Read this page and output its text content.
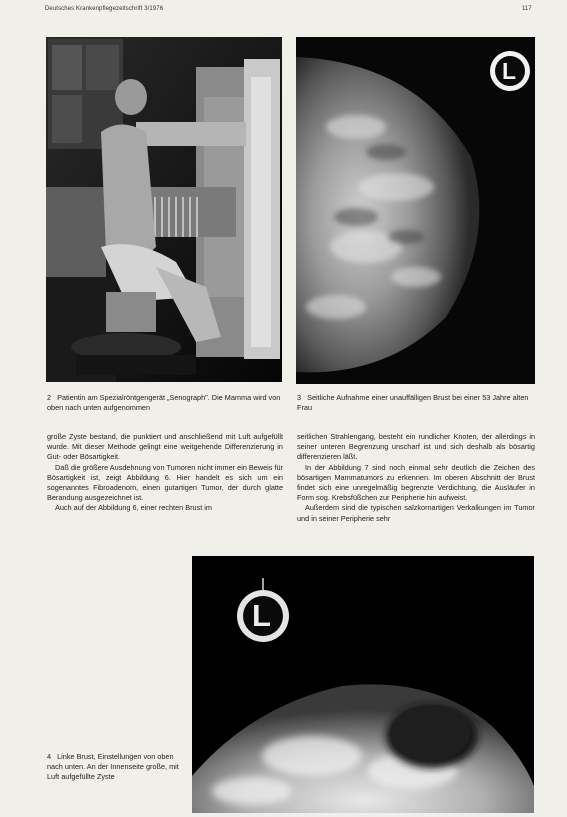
Deutsches Krankenpflegezeitschrift 3/1976	117
L
2 Patientin am Spezialröntgengerät „Senograph". Die Mamma wird von oben nach unten aufgenommen
3 Seitliche Aufnahme einer unauffälligen Brust bei einer 53 Jahre alten Frau

große Zyste bestand, die punktiert und anschließend mit Luft aufgefüllt wurde. Mit dieser Methode gelingt eine weitgehende Differenzierung in Gut- oder Bösartigkeit.

Daß die größere Ausdehnung von Tumoren nicht immer ein Beweis für Bösartigkeit ist, zeigt Abbildung 6. Hier handelt es sich um ein sogenanntes Fibroadenom, einen gutartigen Tumor, der durch glatte Berandung ausgezeichnet ist.

Auch auf der Abbildung 6, einer rechten Brust im

seitlichen Strahlengang, besteht ein rundlicher Knoten, der allerdings in seiner unteren Begrenzung unscharf ist und sich deshalb als bösartig differenzieren läßt.

In der Abbildung 7 sind noch einmal sehr deutlich die Zeichen des bösartigen Mammatumors zu erkennen. Im oberen Abschnitt der Brust findet sich eine unregelmäßig begrenzte Verdichtung, die Ausläufer in Form sog. Krebsfüßchen zur Peripherie hin aufweist.

Außerdem sind die typischen salzkornartigen Verkalkungen im Tumor und in seiner Peripherie sehr

L
4 Linke Brust, Einstellungen von oben nach unten. An der Innenseite große, mit Luft aufgefüllte Zyste
